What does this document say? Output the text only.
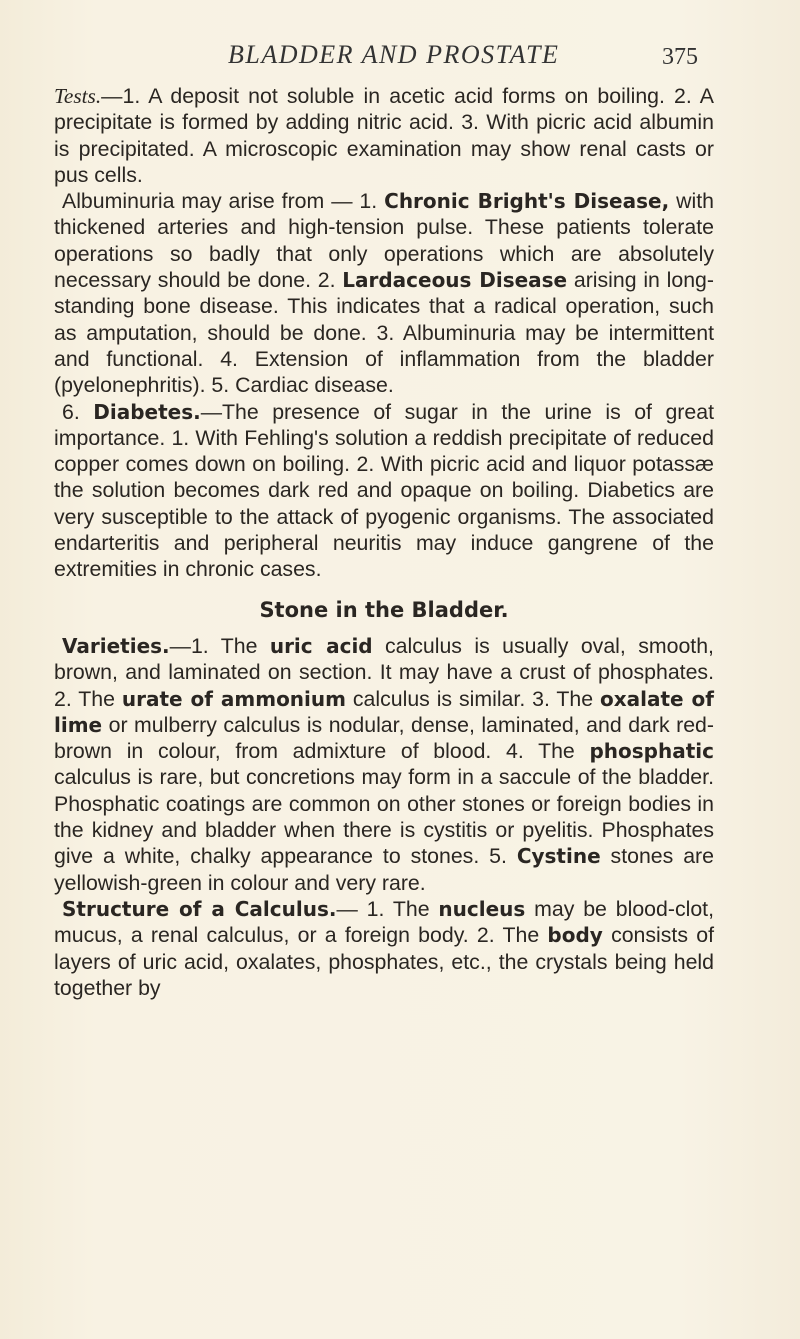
BLADDER AND PROSTATE	375

Tests.—1. A deposit not soluble in acetic acid forms on boiling. 2. A precipitate is formed by adding nitric acid. 3. With picric acid albumin is precipitated. A microscopic examination may show renal casts or pus cells.

Albuminuria may arise from — 1. Chronic Bright's Disease, with thickened arteries and high-tension pulse. These patients tolerate operations so badly that only operations which are absolutely necessary should be done. 2. Lardaceous Disease arising in long-standing bone disease. This indicates that a radical operation, such as amputation, should be done. 3. Albuminuria may be intermittent and functional. 4. Extension of inflammation from the bladder (pyelonephritis). 5. Cardiac disease.

6. Diabetes.—The presence of sugar in the urine is of great importance. 1. With Fehling's solution a reddish precipitate of reduced copper comes down on boiling. 2. With picric acid and liquor potassæ the solution becomes dark red and opaque on boiling. Diabetics are very susceptible to the attack of pyogenic organisms. The associated endarteritis and peripheral neuritis may induce gangrene of the extremities in chronic cases.

Stone in the Bladder.

Varieties.—1. The uric acid calculus is usually oval, smooth, brown, and laminated on section. It may have a crust of phosphates. 2. The urate of ammonium calculus is similar. 3. The oxalate of lime or mulberry calculus is nodular, dense, laminated, and dark red-brown in colour, from admixture of blood. 4. The phosphatic calculus is rare, but concretions may form in a saccule of the bladder. Phosphatic coatings are common on other stones or foreign bodies in the kidney and bladder when there is cystitis or pyelitis. Phosphates give a white, chalky appearance to stones. 5. Cystine stones are yellowish-green in colour and very rare.

Structure of a Calculus.— 1. The nucleus may be blood-clot, mucus, a renal calculus, or a foreign body. 2. The body consists of layers of uric acid, oxalates, phosphates, etc., the crystals being held together by
